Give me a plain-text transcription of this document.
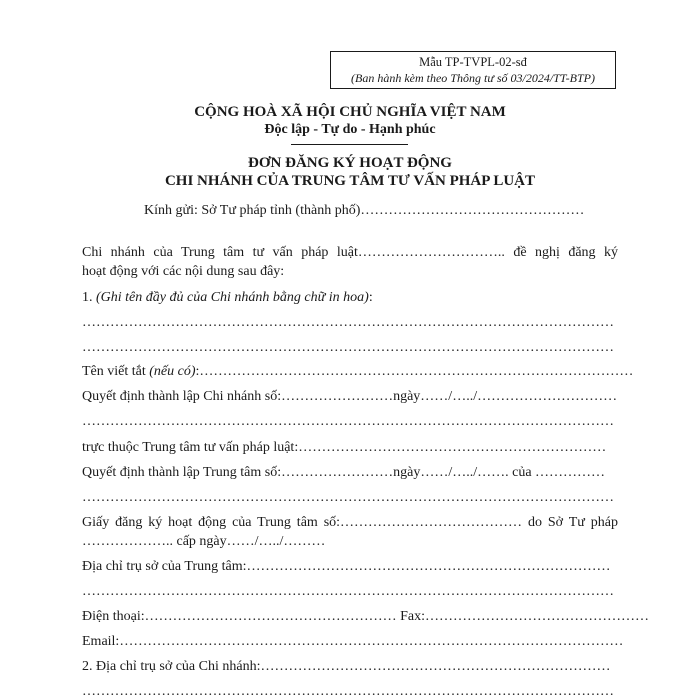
Mẫu TP-TVPL-02-sđ
(Ban hành kèm theo Thông tư số 03/2024/TT-BTP)
CỘNG HOÀ XÃ HỘI CHỦ NGHĨA VIỆT NAM
Độc lập - Tự do - Hạnh phúc
ĐƠN ĐĂNG KÝ HOẠT ĐỘNG
CHI NHÁNH CỦA TRUNG TÂM TƯ VẤN PHÁP LUẬT
Kính gửi: Sở Tư pháp tỉnh (thành phố)…………………………………………
Chi nhánh của Trung tâm tư vấn pháp luật………………………….. đề nghị đăng ký
hoạt động với các nội dung sau đây:
1. (Ghi tên đầy đủ của Chi nhánh bằng chữ in hoa):
……………………………………………………………………………………………………
……………………………………………………………………………………………………
Tên viết tắt (nếu có):…………………………………………………………………………………
Quyết định thành lập Chi nhánh số:……………………ngày……/…../…………………………
……………………………………………………………………………………………………
trực thuộc Trung tâm tư vấn pháp luật:…………………………………………………………
Quyết định thành lập Trung tâm số:……………………ngày……/…../……. của ……………
……………………………………………………………………………………………………
Giấy đăng ký hoạt động của Trung tâm số:………………………………… do Sở Tư pháp
……………….. cấp ngày……/…../………
Địa chỉ trụ sở của Trung tâm:……………………………………………………………………
……………………………………………………………………………………………………
Điện thoại:……………………………………………… Fax:…………………………………………
Email:………………………………………………………………………………………………
2. Địa chỉ trụ sở của Chi nhánh:…………………………………………………………………
……………………………………………………………………………………………………
